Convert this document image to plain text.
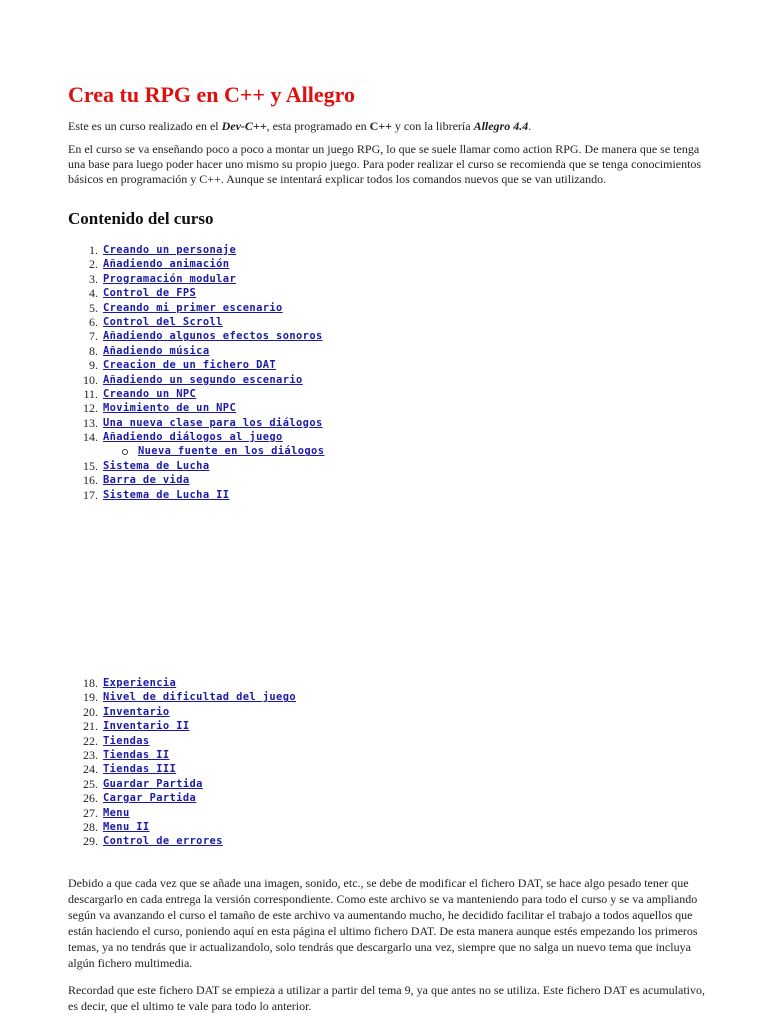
Crea tu RPG en C++ y Allegro

Este es un curso realizado en el Dev-C++, esta programado en C++ y con la librería Allegro 4.4.

En el curso se va enseñando poco a poco a montar un juego RPG, lo que se suele llamar como action RPG. De manera que se tenga una base para luego poder hacer uno mismo su propio juego. Para poder realizar el curso se recomienda que se tenga conocimientos básicos en programación y C++. Aunque se intentará explicar todos los comandos nuevos que se van utilizando.

Contenido del curso
1. Creando un personaje
2. Añadiendo animación
3. Programación modular
4. Control de FPS
5. Creando mi primer escenario
6. Control del Scroll
7. Añadiendo algunos efectos sonoros
8. Añadiendo música
9. Creacion de un fichero DAT
10. Añadiendo un segundo escenario
11. Creando un NPC
12. Movimiento de un NPC
13. Una nueva clase para los diálogos
14. Añadiendo diálogos al juego
Nueva fuente en los diálogos
15. Sistema de Lucha
16. Barra de vida
17. Sistema de Lucha II
18. Experiencia
19. Nivel de dificultad del juego
20. Inventario
21. Inventario II
22. Tiendas
23. Tiendas II
24. Tiendas III
25. Guardar Partida
26. Cargar Partida
27. Menu
28. Menu II
29. Control de errores

Debido a que cada vez que se añade una imagen, sonido, etc., se debe de modificar el fichero DAT, se hace algo pesado tener que descargarlo en cada entrega la versión correspondiente. Como este archivo se va manteniendo para todo el curso y se va ampliando según va avanzando el curso el tamaño de este archivo va aumentando mucho, he decidido facilitar el trabajo a todos aquellos que están haciendo el curso, poniendo aquí en esta página el ultimo fichero DAT. De esta manera aunque estés empezando los primeros temas, ya no tendrás que ir actualizandolo, solo tendrás que descargarlo una vez, siempre que no salga un nuevo tema que incluya algún fichero multimedia.

Recordad que este fichero DAT se empieza a utilizar a partir del tema 9, ya que antes no se utiliza. Este fichero DAT es acumulativo, es decir, que el ultimo te vale para todo lo anterior.
